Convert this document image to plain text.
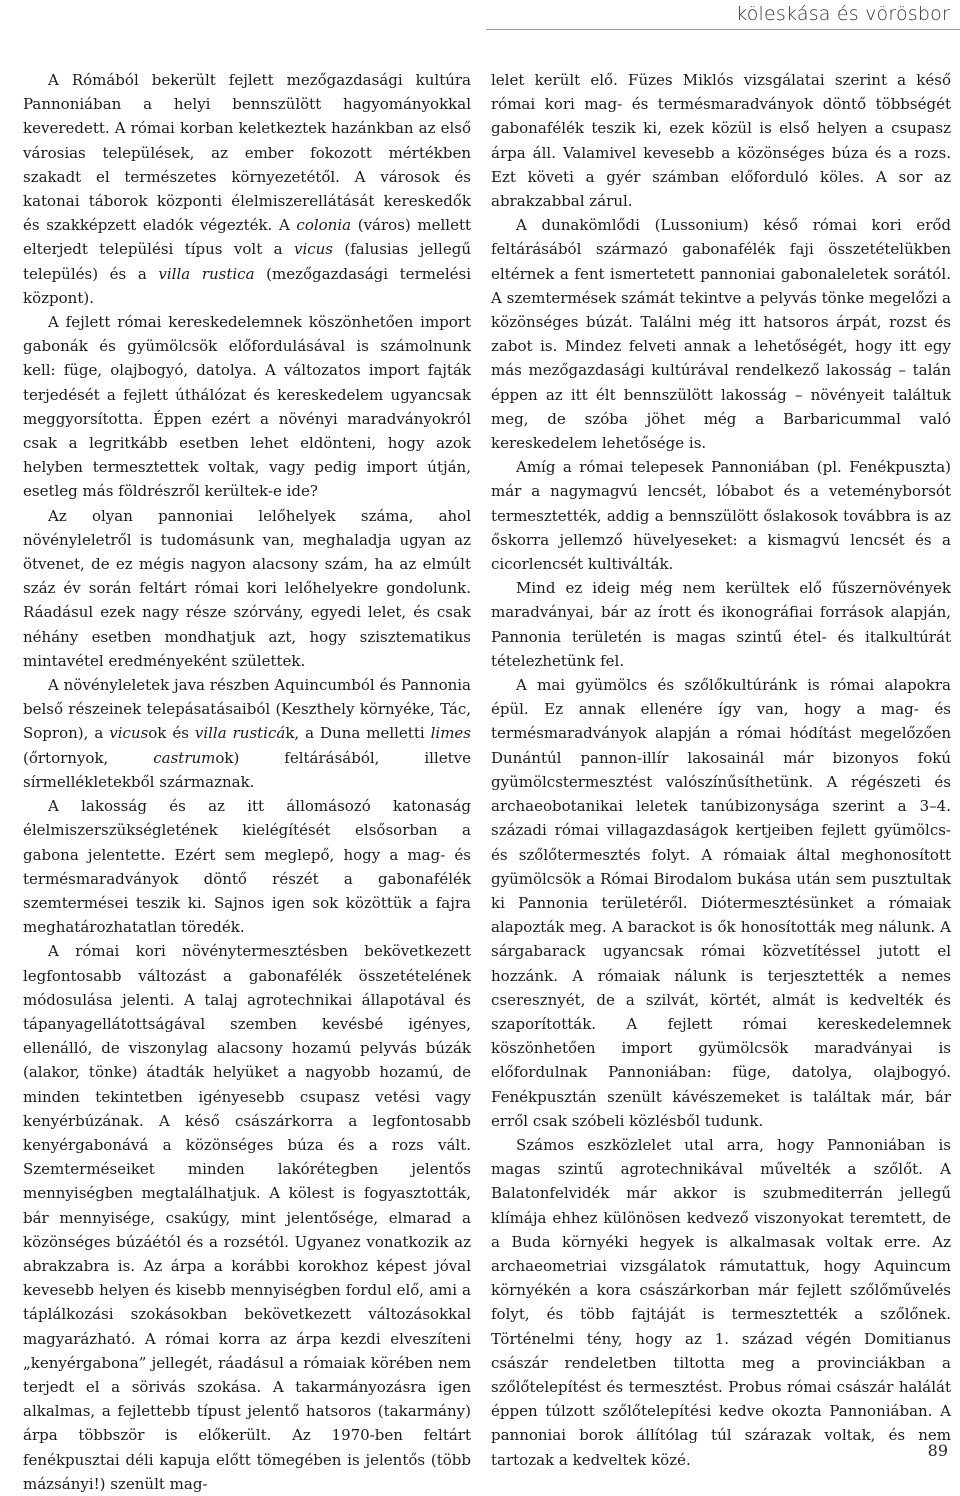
köleskása és vörösbor

A Rómából bekerült fejlett mezőgazdasági kultúra Pannoniában a helyi bennszülött hagyományokkal keveredett. A római korban keletkeztek hazánkban az első városias települések, az ember fokozott mértékben szakadt el természetes környezetétől. A városok és katonai táborok központi élelmiszerellátását kereskedők és szakképzett eladók végezték. A colonia (város) mellett elterjedt települési típus volt a vicus (falusias jellegű település) és a villa rustica (mezőgazdasági termelési központ).

A fejlett római kereskedelemnek köszönhetően import gabonák és gyümölcsök előfordulásával is számolnunk kell: füge, olajbogyó, datolya. A változatos import fajták terjedését a fejlett úthálózat és kereskedelem ugyancsak meggyorsította. Éppen ezért a növényi maradványokról csak a legritkább esetben lehet eldönteni, hogy azok helyben termesztettek voltak, vagy pedig import útján, esetleg más földrészről kerültek-e ide?

Az olyan pannoniai lelőhelyek száma, ahol növényleletről is tudomásunk van, meghaladja ugyan az ötvenet, de ez mégis nagyon alacsony szám, ha az elmúlt száz év során feltárt római kori lelőhelyekre gondolunk. Ráadásul ezek nagy része szórvány, egyedi lelet, és csak néhány esetben mondhatjuk azt, hogy szisztematikus mintavétel eredményeként születtek.

A növényleletek java részben Aquincumból és Pannonia belső részeinek telepásatásaiból (Keszthely környéke, Tác, Sopron), a vicusok és villa rusticák, a Duna melletti limes (őrtornyok, castrumok) feltárásából, illetve sírmellékletekből származnak.

A lakosság és az itt állomásozó katonaság élelmiszerszükségletének kielégítését elsősorban a gabona jelentette. Ezért sem meglepő, hogy a mag- és termésmaradványok döntő részét a gabonafélék szemtermései teszik ki. Sajnos igen sok közöttük a fajra meghatározhatatlan töredék.

A római kori növénytermesztésben bekövetkezett legfontosabb változást a gabonafélék összetételének módosulása jelenti. A talaj agrotechnikai állapotával és tápanyagellátottságával szemben kevésbé igényes, ellenálló, de viszonylag alacsony hozamú pelyvás búzák (alakor, tönke) átadták helyüket a nagyobb hozamú, de minden tekintetben igényesebb csupasz vetési vagy kenyérbúzának. A késő császárkorra a legfontosabb kenyérgabonává a közönséges búza és a rozs vált. Szemterméseiket minden lakórétegben jelentős mennyiségben megtalálhatjuk. A kölest is fogyasztották, bár mennyisége, csakúgy, mint jelentősége, elmarad a közönséges búzáétól és a rozsétól. Ugyanez vonatkozik az abrakzabra is. Az árpa a korábbi korokhoz képest jóval kevesebb helyen és kisebb mennyiségben fordul elő, ami a táplálkozási szokásokban bekövetkezett változásokkal magyarázható. A római korra az árpa kezdi elveszíteni „kenyérgabona” jellegét, ráadásul a rómaiak körében nem terjedt el a sörivás szokása. A takarmányozásra igen alkalmas, a fejlettebb típust jelentő hatsoros (takarmány) árpa többször is előkerült. Az 1970-ben feltárt fenékpusztai déli kapuja előtt tömegében is jelentős (több mázsányi!) szenült mag-

lelet került elő. Füzes Miklós vizsgálatai szerint a késő római kori mag- és termésmaradványok döntő többségét gabonafélék teszik ki, ezek közül is első helyen a csupasz árpa áll. Valamivel kevesebb a közönséges búza és a rozs. Ezt követi a gyér számban előforduló köles. A sor az abrakzabbal zárul.

A dunakömlődi (Lussonium) késő római kori erőd feltárásából származó gabonafélék faji összetételükben eltérnek a fent ismertetett pannoniai gabonaleletek sorától. A szemtermések számát tekintve a pelyvás tönke megelőzi a közönséges búzát. Találni még itt hatsoros árpát, rozst és zabot is. Mindez felveti annak a lehetőségét, hogy itt egy más mezőgazdasági kultúrával rendelkező lakosság – talán éppen az itt élt bennszülött lakosság – növényeit találtuk meg, de szóba jöhet még a Barbaricummal való kereskedelem lehetősége is.

Amíg a római telepesek Pannoniában (pl. Fenékpuszta) már a nagymagvú lencsét, lóbabot és a veteményborsót termesztették, addig a bennszülött őslakosok továbbra is az őskorra jellemző hüvelyeseket: a kismagvú lencsét és a cicorlencsét kultiválták.

Mind ez ideig még nem kerültek elő fűszernövények maradványai, bár az írott és ikonográfiai források alapján, Pannonia területén is magas szintű étel- és italkultúrát tételezhetünk fel.

A mai gyümölcs és szőlőkultúránk is római alapokra épül. Ez annak ellenére így van, hogy a mag- és termésmaradványok alapján a római hódítást megelőzően Dunántúl pannon-illír lakosainál már bizonyos fokú gyümölcstermesztést valószínűsíthetünk. A régészeti és archaeobotanikai leletek tanúbizonysága szerint a 3–4. századi római villagazdaságok kertjeiben fejlett gyümölcs- és szőlőtermesztés folyt. A rómaiak által meghonosított gyümölcsök a Római Birodalom bukása után sem pusztultak ki Pannonia területéről. Diótermesztésünket a rómaiak alapozták meg. A barackot is ők honosították meg nálunk. A sárgabarack ugyancsak római közvetítéssel jutott el hozzánk. A rómaiak nálunk is terjesztették a nemes cseresznyét, de a szilvát, körtét, almát is kedvelték és szaporították. A fejlett római kereskedelemnek köszönhetően import gyümölcsök maradványai is előfordulnak Pannoniában: füge, datolya, olajbogyó. Fenékpusztán szenült kávészemeket is találtak már, bár erről csak szóbeli közlésből tudunk.

Számos eszközlelet utal arra, hogy Pannoniában is magas szintű agrotechnikával művelték a szőlőt. A Balatonfelvidék már akkor is szubmediterrán jellegű klímája ehhez különösen kedvező viszonyokat teremtett, de a Buda környéki hegyek is alkalmasak voltak erre. Az archaeometriai vizsgálatok rámutattuk, hogy Aquincum környékén a kora császárkorban már fejlett szőlőművelés folyt, és több fajtáját is termesztették a szőlőnek. Történelmi tény, hogy az 1. század végén Domitianus császár rendeletben tiltotta meg a provinciákban a szőlőtelepítést és termesztést. Probus római császár halálát éppen túlzott szőlőtelepítési kedve okozta Pannoniában. A pannoniai borok állítólag túl szárazak voltak, és nem tartozak a kedveltek közé.	89
